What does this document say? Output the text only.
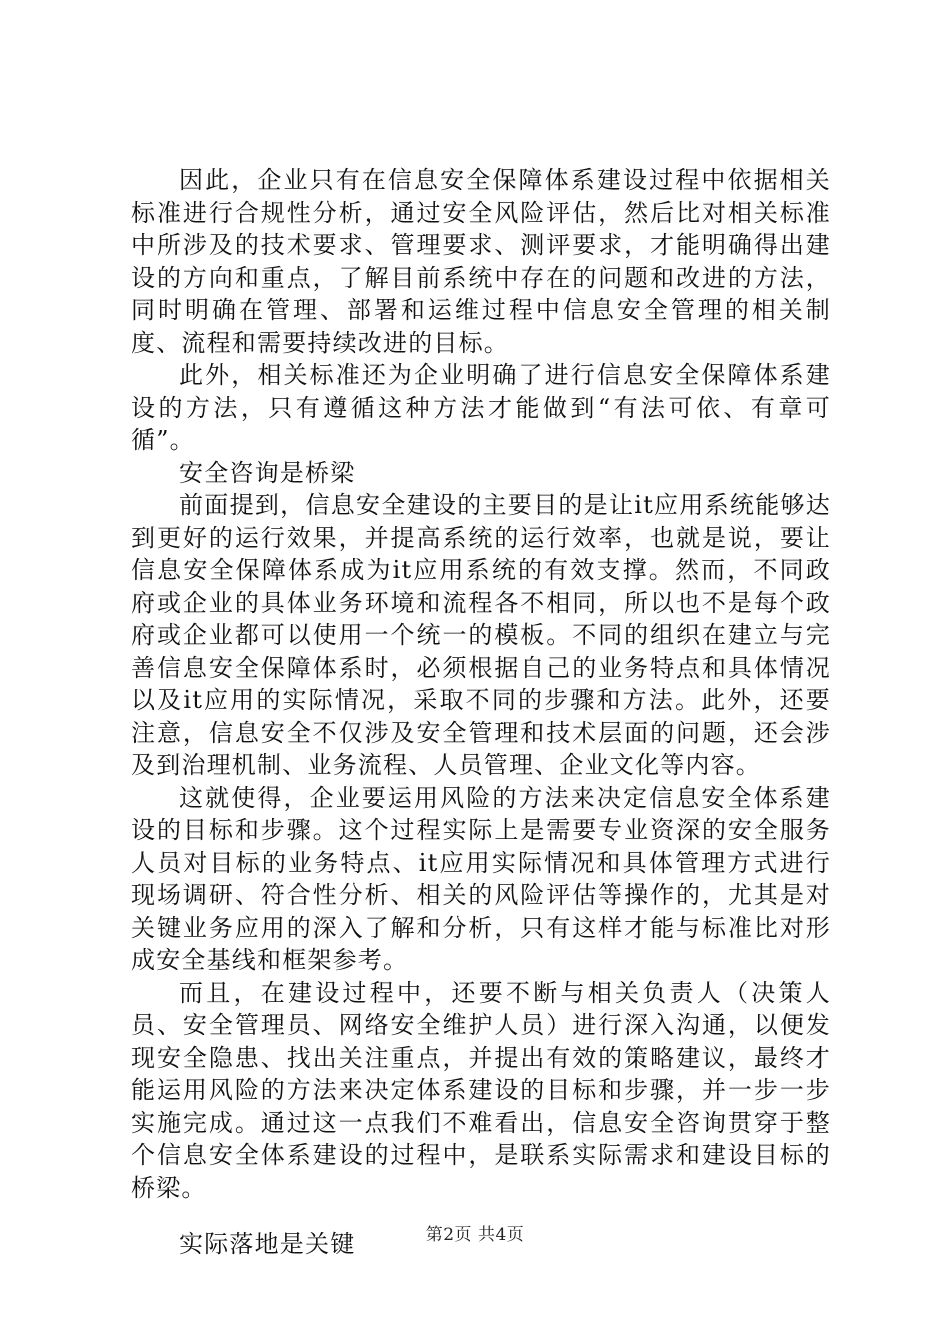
因此，企业只有在信息安全保障体系建设过程中依据相关标准进行合规性分析，通过安全风险评估，然后比对相关标准中所涉及的技术要求、管理要求、测评要求，才能明确得出建设的方向和重点，了解目前系统中存在的问题和改进的方法，同时明确在管理、部署和运维过程中信息安全管理的相关制度、流程和需要持续改进的目标。

此外，相关标准还为企业明确了进行信息安全保障体系建设的方法，只有遵循这种方法才能做到“有法可依、有章可循”。

安全咨询是桥梁

前面提到，信息安全建设的主要目的是让it应用系统能够达到更好的运行效果，并提高系统的运行效率，也就是说，要让信息安全保障体系成为it应用系统的有效支撑。然而，不同政府或企业的具体业务环境和流程各不相同，所以也不是每个政府或企业都可以使用一个统一的模板。不同的组织在建立与完善信息安全保障体系时，必须根据自己的业务特点和具体情况以及it应用的实际情况，采取不同的步骤和方法。此外，还要注意，信息安全不仅涉及安全管理和技术层面的问题，还会涉及到治理机制、业务流程、人员管理、企业文化等内容。

这就使得，企业要运用风险的方法来决定信息安全体系建设的目标和步骤。这个过程实际上是需要专业资深的安全服务人员对目标的业务特点、it应用实际情况和具体管理方式进行现场调研、符合性分析、相关的风险评估等操作的，尤其是对关键业务应用的深入了解和分析，只有这样才能与标准比对形成安全基线和框架参考。

而且，在建设过程中，还要不断与相关负责人（决策人员、安全管理员、网络安全维护人员）进行深入沟通，以便发现安全隐患、找出关注重点，并提出有效的策略建议，最终才能运用风险的方法来决定体系建设的目标和步骤，并一步一步实施完成。通过这一点我们不难看出，信息安全咨询贯穿于整个信息安全体系建设的过程中，是联系实际需求和建设目标的桥梁。

实际落地是关键	第2页 共4页
